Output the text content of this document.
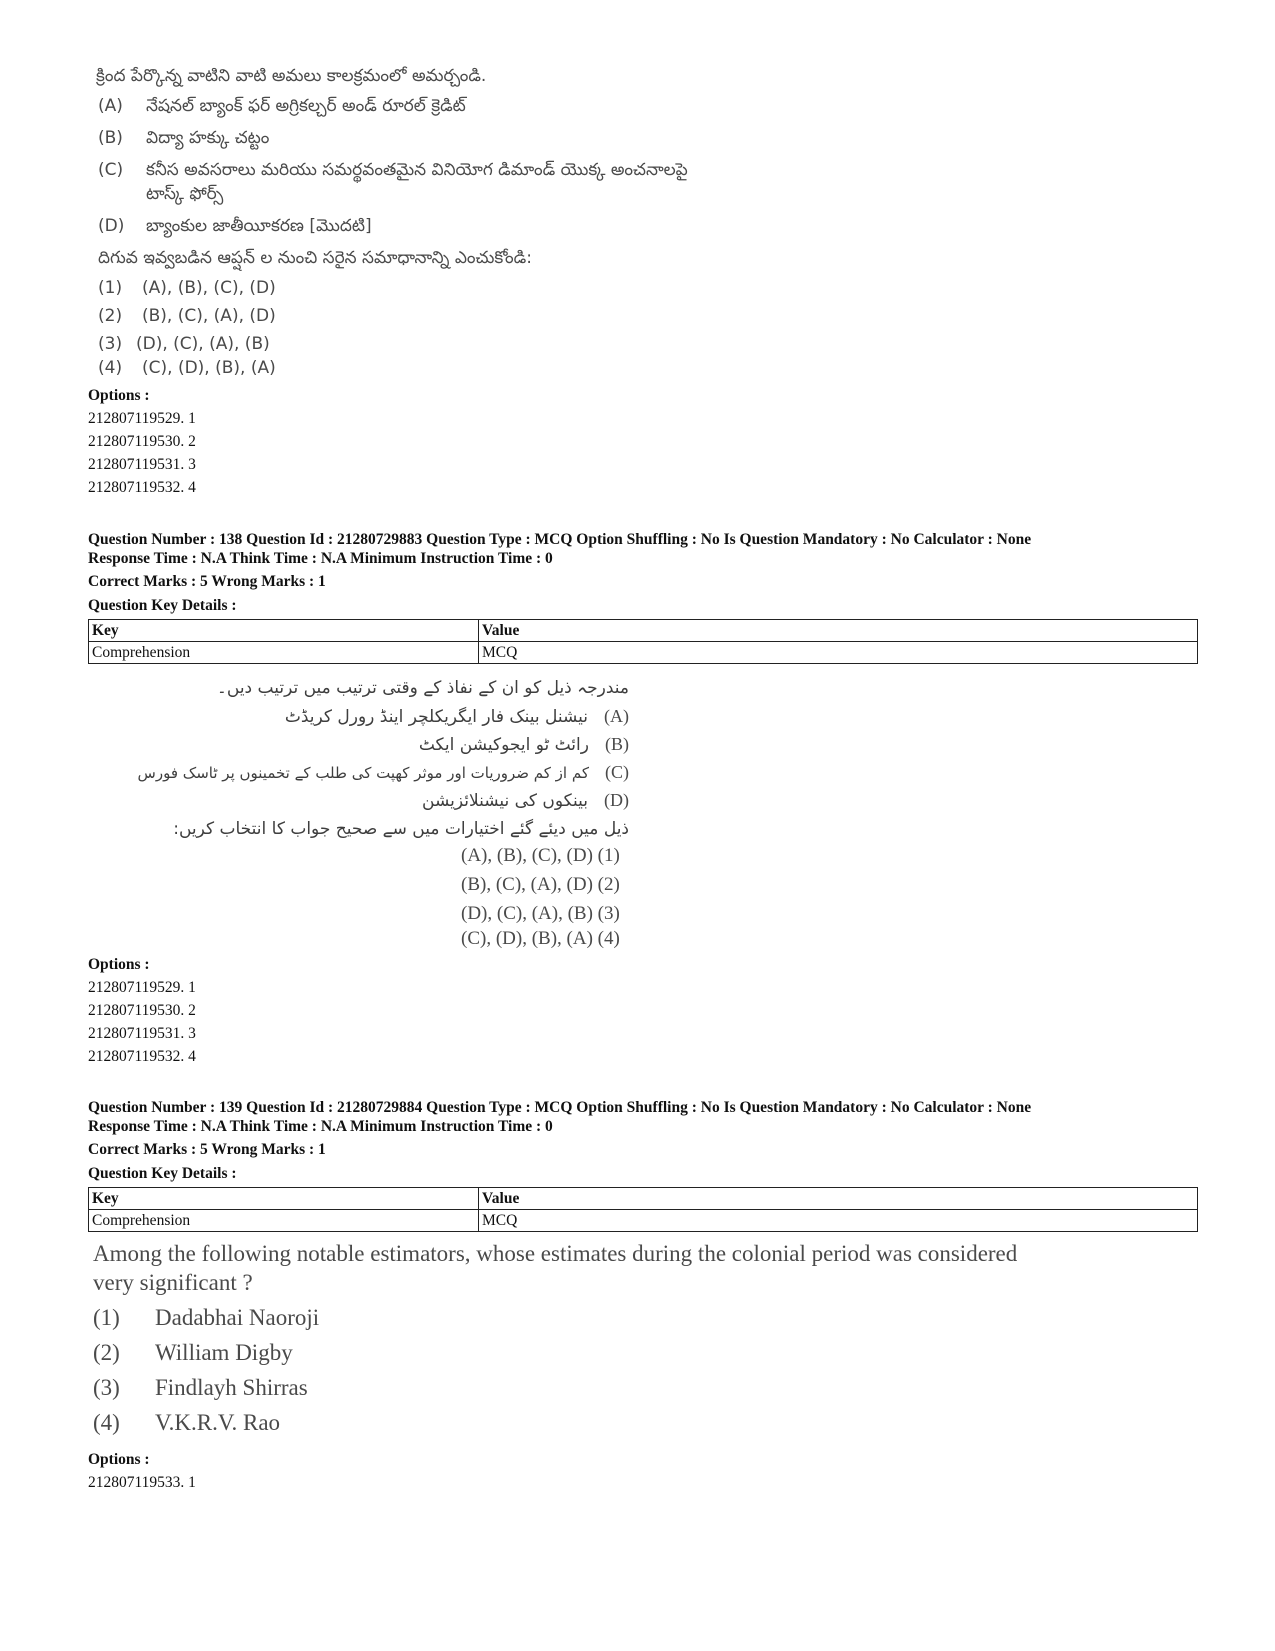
క్రింద పేర్కొన్న వాటిని వాటి అమలు కాలక్రమంలో అమర్చండి.
(A) నేషనల్ బ్యాంక్ ఫర్ అగ్రికల్చర్ అండ్ రూరల్ క్రెడిట్
(B) విద్యా హక్కు చట్టం
(C) కనీస అవసరాలు మరియు సమర్థవంతమైన వినియోగ డిమాండ్ యొక్క అంచనాలపై
టాస్క్ ఫోర్స్
(D) బ్యాంకుల జాతీయీకరణ [మొదటి]
దిగువ ఇవ్వబడిన ఆప్షన్ ల నుంచి సరైన సమాధానాన్ని ఎంచుకోండి:
(1) (A), (B), (C), (D)
(2) (B), (C), (A), (D)
(3) (D), (C), (A), (B)
(4) (C), (D), (B), (A)
Options :
212807119529. 1
212807119530. 2
212807119531. 3
212807119532. 4
Question Number : 138 Question Id : 21280729883 Question Type : MCQ Option Shuffling : No Is Question Mandatory : No Calculator : None
Response Time : N.A Think Time : N.A Minimum Instruction Time : 0
Correct Marks : 5 Wrong Marks : 1
Question Key Details :
Key	Value
Comprehension	MCQ
مندرجہ ذیل کو ان کے نفاذ کے وقتی ترتیب میں ترتیب دیں۔
(A)نیشنل بینک فار ایگریکلچر اینڈ رورل کریڈٹ
(B)رائٹ ٹو ایجوکیشن ایکٹ
(C)کم از کم ضروریات اور موثر کھپت کی طلب کے تخمینوں پر ٹاسک فورس
(D)بینکوں کی نیشنلائزیشن
ذیل میں دیئے گئے اختیارات میں سے صحیح جواب کا انتخاب کریں:
(A), (B), (C), (D) (1)
(B), (C), (A), (D) (2)
(D), (C), (A), (B) (3)
(C), (D), (B), (A) (4)
Options :
212807119529. 1
212807119530. 2
212807119531. 3
212807119532. 4
Question Number : 139 Question Id : 21280729884 Question Type : MCQ Option Shuffling : No Is Question Mandatory : No Calculator : None
Response Time : N.A Think Time : N.A Minimum Instruction Time : 0
Correct Marks : 5 Wrong Marks : 1
Question Key Details :
Key	Value
Comprehension	MCQ
Among the following notable estimators, whose estimates during the colonial period was considered
very significant ?
(1) Dadabhai Naoroji
(2) William Digby
(3) Findlayh Shirras
(4) V.K.R.V. Rao
Options :
212807119533. 1
